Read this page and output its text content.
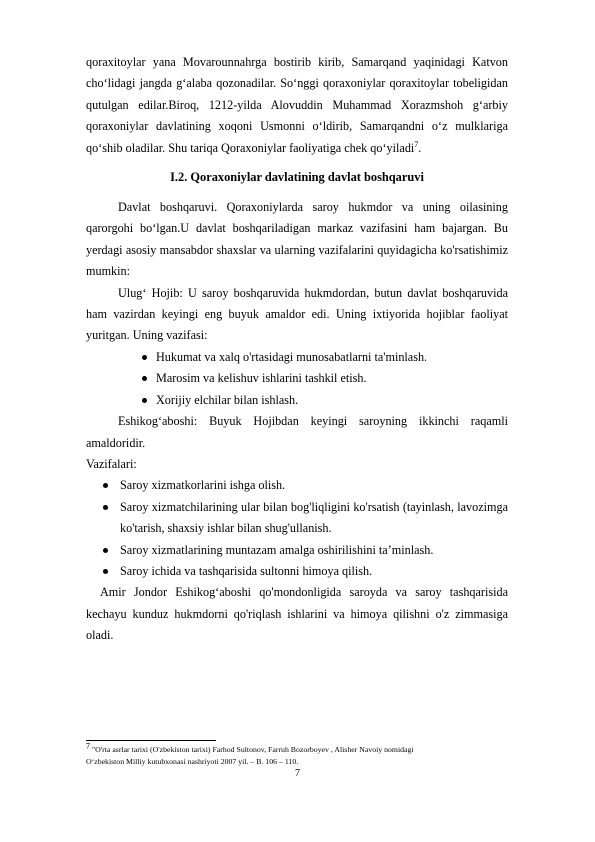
qoraxitoylar yana Movarounnahrga bostirib kirib, Samarqand yaqinidagi Katvon cho‘lidagi jangda g‘alaba qozonadilar. So‘nggi qoraxoniylar qoraxitoylar tobeligidan qutulgan edilar.Biroq, 1212-yilda Alovuddin Muhammad Xorazmshoh g‘arbiy qoraxoniylar davlatining xoqoni Usmonni o‘ldirib, Samarqandni o‘z mulklariga qo‘shib oladilar. Shu tariqa Qoraxoniylar faoliyatiga chek qo‘yiladi$^7$.

I.2. Qoraxoniylar davlatining davlat boshqaruvi

Davlat boshqaruvi. Qoraxoniylarda saroy hukmdor va uning oilasining qarorgohi bo‘lgan.U davlat boshqariladigan markaz vazifasini ham bajargan. Bu yerdagi asosiy mansabdor shaxslar va ularning vazifalarini quyidagicha ko'rsatishimiz mumkin:

Ulug‘ Hojib: U saroy boshqaruvida hukmdordan, butun davlat boshqaruvida ham vazirdan keyingi eng buyuk amaldor edi. Uning ixtiyorida hojiblar faoliyat yuritgan. Uning vazifasi:

Hukumat va xalq o'rtasidagi munosabatlarni ta'minlash.
Marosim va kelishuv ishlarini tashkil etish.
Xorijiy elchilar bilan ishlash.

Eshikog‘aboshi: Buyuk Hojibdan keyingi saroyning ikkinchi raqamli amaldoridir.

Vazifalari:
Saroy xizmatkorlarini ishga olish.
Saroy xizmatchilarining ular bilan bog'liqligini ko'rsatish (tayinlash, lavozimga ko'tarish, shaxsiy ishlar bilan shug'ullanish.
Saroy xizmatlarining muntazam amalga oshirilishini ta’minlash.
Saroy ichida va tashqarisida sultonni himoya qilish.

Amir Jondor Eshikog‘aboshi qo'mondonligida saroyda va saroy tashqarisida kechayu kunduz hukmdorni qo'riqlash ishlarini va himoya qilishni o'z zimmasiga oladi.

$^7$ "O'rta asrlar tarixi (O'zbekiston tarixi) Farhod Sultonov, Farruh Bozorboyev , Alisher Navoiy nomidagi
O‘zbekiston Milliy kutubxonasi nashriyoti 2007 yil. – B. 106 – 110.
7
